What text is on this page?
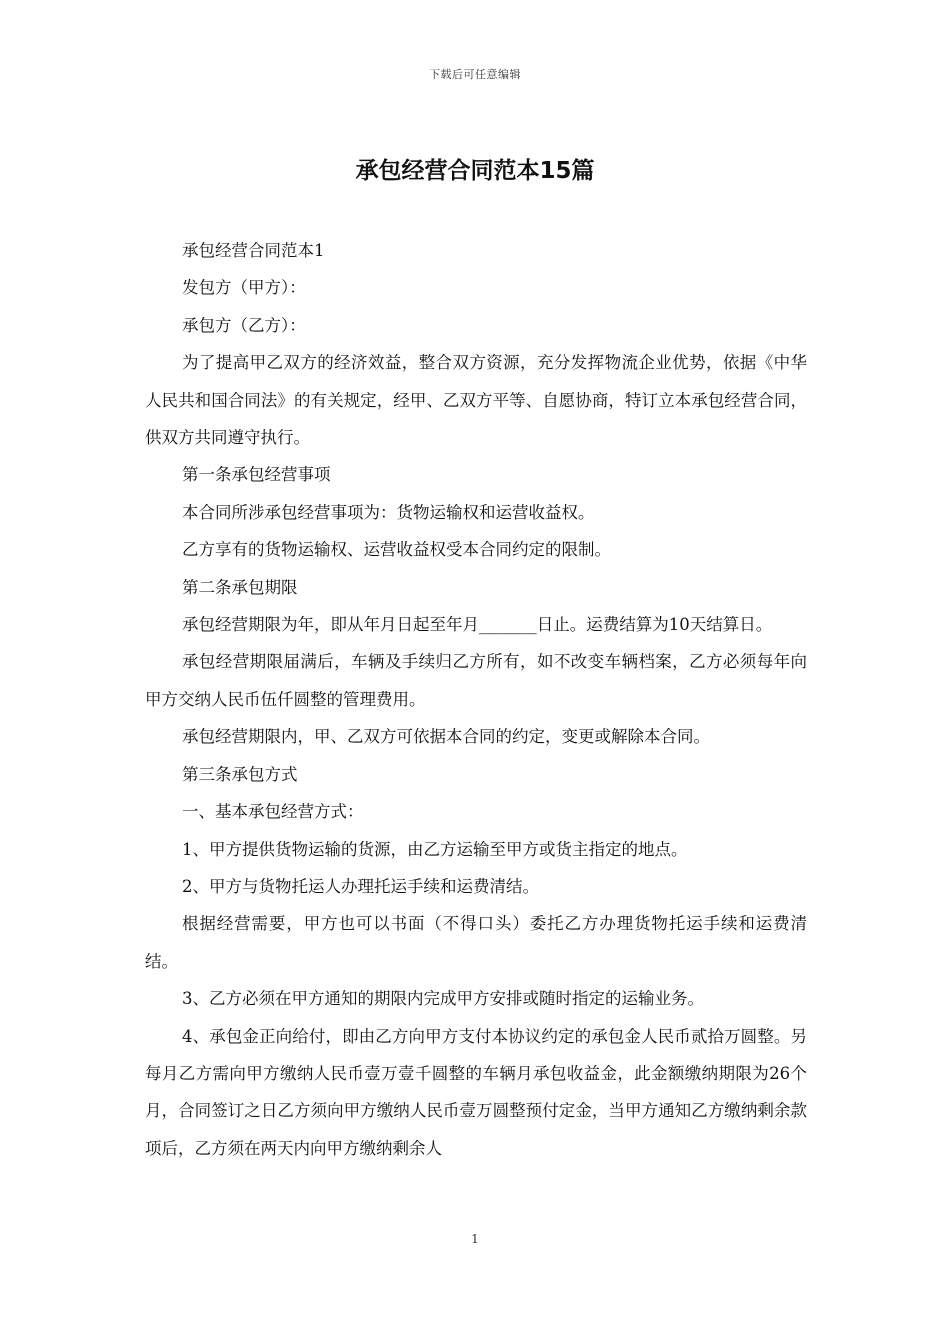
下载后可任意编辑
承包经营合同范本15篇

承包经营合同范本1

发包方（甲方）：

承包方（乙方）：

为了提高甲乙双方的经济效益，整合双方资源，充分发挥物流企业优势，依据《中华人民共和国合同法》的有关规定，经甲、乙双方平等、自愿协商，特订立本承包经营合同，供双方共同遵守执行。

第一条承包经营事项

本合同所涉承包经营事项为：货物运输权和运营收益权。

乙方享有的货物运输权、运营收益权受本合同约定的限制。

第二条承包期限

承包经营期限为年，即从年月日起至年月_______日止。运费结算为10天结算日。

承包经营期限届满后，车辆及手续归乙方所有，如不改变车辆档案，乙方必须每年向甲方交纳人民币伍仟圆整的管理费用。

承包经营期限内，甲、乙双方可依据本合同的约定，变更或解除本合同。

第三条承包方式

一、基本承包经营方式：

1、甲方提供货物运输的货源，由乙方运输至甲方或货主指定的地点。

2、甲方与货物托运人办理托运手续和运费清结。

根据经营需要，甲方也可以书面（不得口头）委托乙方办理货物托运手续和运费清结。

3、乙方必须在甲方通知的期限内完成甲方安排或随时指定的运输业务。

4、承包金正向给付，即由乙方向甲方支付本协议约定的承包金人民币贰拾万圆整。另每月乙方需向甲方缴纳人民币壹万壹千圆整的车辆月承包收益金，此金额缴纳期限为26个月，合同签订之日乙方须向甲方缴纳人民币壹万圆整预付定金，当甲方通知乙方缴纳剩余款项后，乙方须在两天内向甲方缴纳剩余人

1
